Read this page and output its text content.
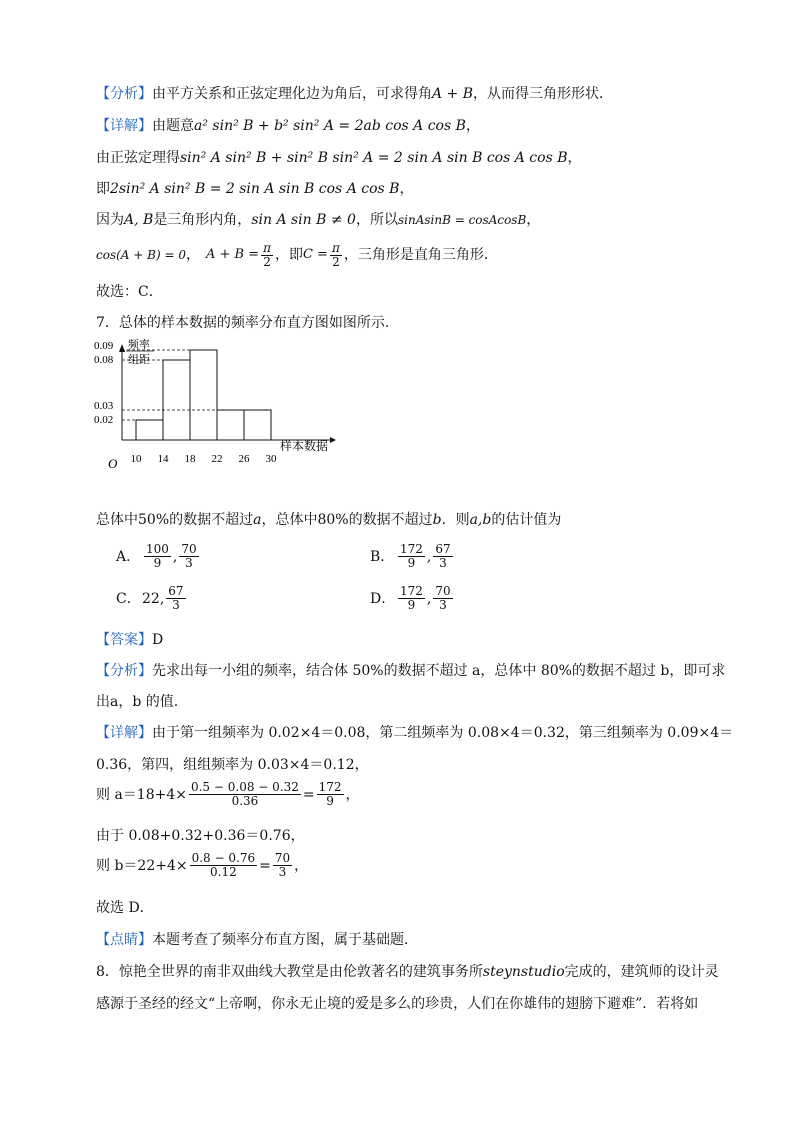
【分析】由平方关系和正弦定理化边为角后，可求得角A + B，从而得三角形形状．
【详解】由题意a² sin² B + b² sin² A = 2ab cos A cos B，
由正弦定理得sin² A sin² B + sin² B sin² A = 2 sin A sin B cos A cos B，
即2sin² A sin² B = 2 sin A sin B cos A cos B，
因为A, B是三角形内角，sin A sin B ≠ 0，所以sinAsinB = cosAcosB，
cos(A + B) = 0 ， $A + B = \frac{\pi}{2}$ ，即 $C = \frac{\pi}{2}$ ，三角形是直角三角形．
故选：C．
7．总体的样本数据的频率分布直方图如图所示.
频率
组距
O
0.02
0.03
0.08
0.09
10 14 18 22 26 30
样本数据
总体中50%的数据不超过a，总体中80%的数据不超过b．则a,b的估计值为
A． $\frac{100}{9}$ , $\frac{70}{3}$	B． $\frac{172}{9}$ , $\frac{67}{3}$
C． 22, $\frac{67}{3}$	D． $\frac{172}{9}$ , $\frac{70}{3}$
【答案】D
【分析】先求出每一小组的频率，结合体 50%的数据不超过 a，总体中 80%的数据不超过 b，即可求
出a，b 的值.
【详解】由于第一组频率为 0.02×4＝0.08，第二组频率为 0.08×4＝0.32，第三组频率为 0.09×4＝
0.36，第四，组组频率为 0.03×4＝0.12，
则 $a=18+4\times \frac{0.5 - 0.08 - 0.32}{0.36} = \frac{172}{9}$ ，
由于 0.08+0.32+0.36＝0.76，
则 $b=22+4\times \frac{0.8 - 0.76}{0.12} = \frac{70}{3}$ ，
故选 D．
【点睛】本题考查了频率分布直方图，属于基础题．
8．惊艳全世界的南非双曲线大教堂是由伦敦著名的建筑事务所steynstudio完成的，建筑师的设计灵
感源于圣经的经文“上帝啊，你永无止境的爱是多么的珍贵，人们在你雄伟的翅膀下避难”．若将如
